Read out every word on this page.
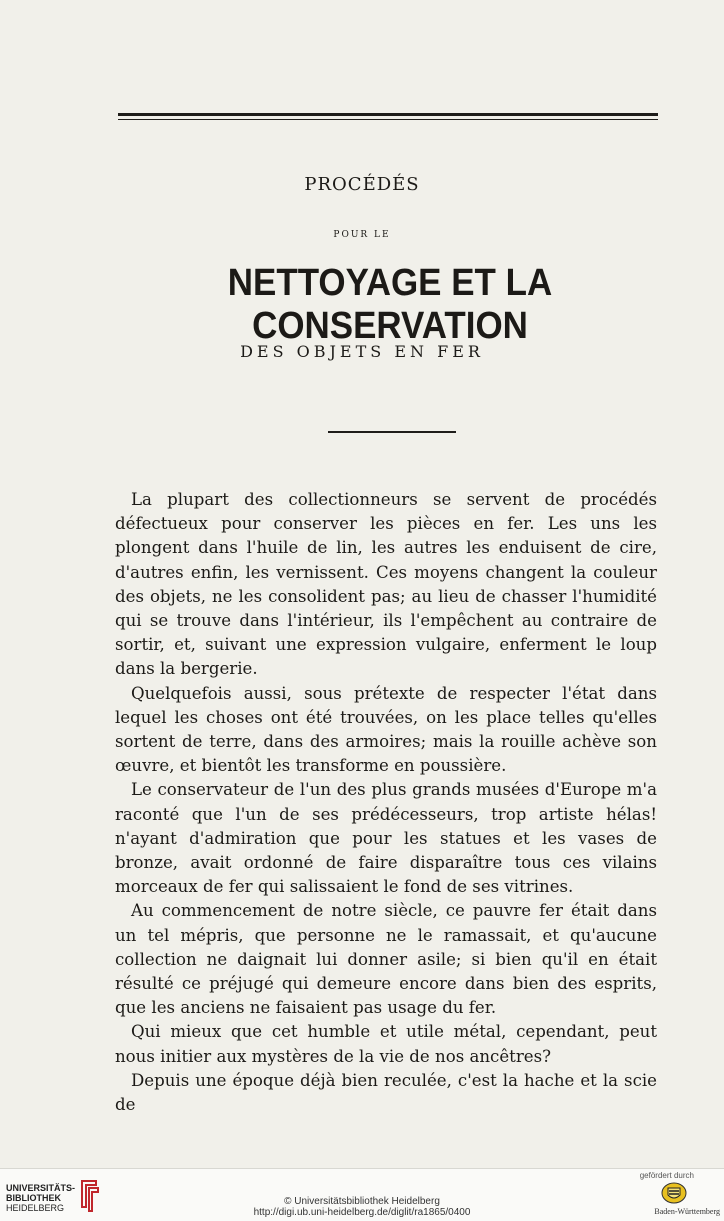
PROCÉDÉS
POUR LE
NETTOYAGE ET LA CONSERVATION
DES OBJETS EN FER

La plupart des collectionneurs se servent de procédés défectueux pour conserver les pièces en fer. Les uns les plongent dans l'huile de lin, les autres les enduisent de cire, d'autres enfin, les vernissent. Ces moyens changent la couleur des objets, ne les consolident pas; au lieu de chasser l'humidité qui se trouve dans l'intérieur, ils l'empêchent au contraire de sortir, et, suivant une expression vulgaire, enferment le loup dans la bergerie.

Quelquefois aussi, sous prétexte de respecter l'état dans lequel les choses ont été trouvées, on les place telles qu'elles sortent de terre, dans des armoires; mais la rouille achève son œuvre, et bientôt les transforme en poussière.

Le conservateur de l'un des plus grands musées d'Europe m'a raconté que l'un de ses prédécesseurs, trop artiste hélas! n'ayant d'admiration que pour les statues et les vases de bronze, avait ordonné de faire disparaître tous ces vilains morceaux de fer qui salissaient le fond de ses vitrines.

Au commencement de notre siècle, ce pauvre fer était dans un tel mépris, que personne ne le ramassait, et qu'aucune collection ne daignait lui donner asile; si bien qu'il en était résulté ce préjugé qui demeure encore dans bien des esprits, que les anciens ne faisaient pas usage du fer.

Qui mieux que cet humble et utile métal, cependant, peut nous initier aux mystères de la vie de nos ancêtres?

Depuis une époque déjà bien reculée, c'est la hache et la scie de

UNIVERSITÄTS-
BIBLIOTHEK
HEIDELBERG
© Universitätsbibliothek Heidelberg
http://digi.ub.uni-heidelberg.de/diglit/ra1865/0400
gefördert durch
Baden-Württemberg
